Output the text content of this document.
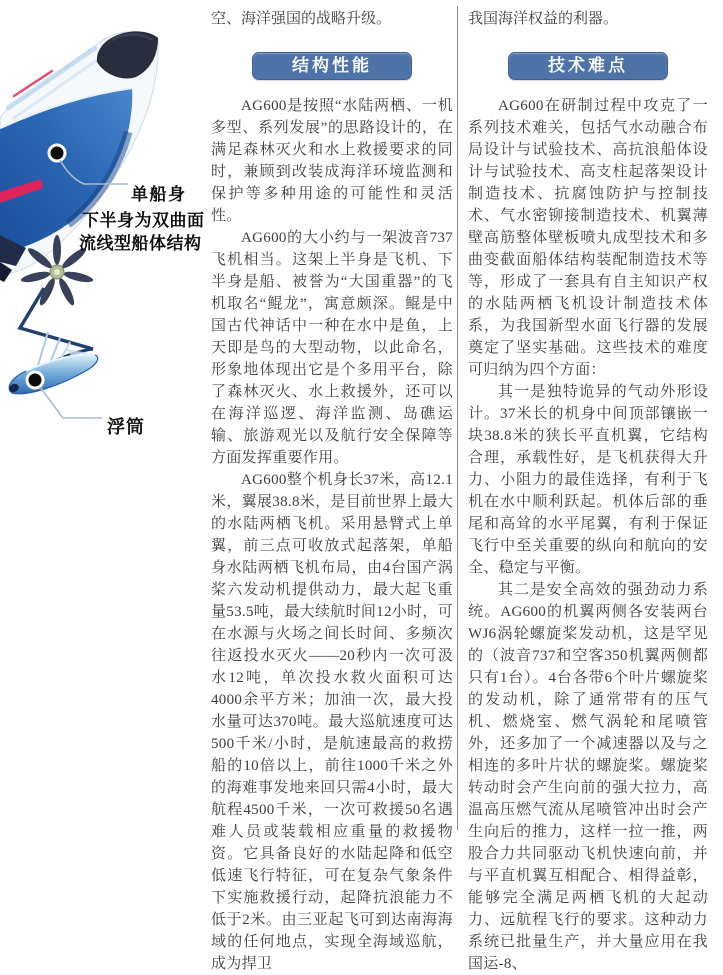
单船身
下半身为双曲面
流线型船体结构
浮筒

空、海洋强国的战略升级。

结构性能

AG600是按照“水陆两栖、一机多型、系列发展”的思路设计的，在满足森林灭火和水上救援要求的同时，兼顾到改装成海洋环境监测和保护等多种用途的可能性和灵活性。

AG600的大小约与一架波音737飞机相当。这架上半身是飞机、下半身是船、被誉为“大国重器”的飞机取名“鲲龙”，寓意颇深。鲲是中国古代神话中一种在水中是鱼，上天即是鸟的大型动物，以此命名，形象地体现出它是个多用平台，除了森林灭火、水上救援外，还可以在海洋巡逻、海洋监测、岛礁运输、旅游观光以及航行安全保障等方面发挥重要作用。

AG600整个机身长37米，高12.1米，翼展38.8米，是目前世界上最大的水陆两栖飞机。采用悬臂式上单翼，前三点可收放式起落架，单船身水陆两栖飞机布局，由4台国产涡桨六发动机提供动力，最大起飞重量53.5吨，最大续航时间12小时，可在水源与火场之间长时间、多频次往返投水灭火——20秒内一次可汲水12吨，单次投水救火面积可达4000余平方米；加油一次，最大投水量可达370吨。最大巡航速度可达500千米/小时，是航速最高的救捞船的10倍以上，前往1000千米之外的海难事发地来回只需4小时，最大航程4500千米，一次可救援50名遇难人员或装载相应重量的救援物资。它具备良好的水陆起降和低空低速飞行特征，可在复杂气象条件下实施救援行动，起降抗浪能力不低于2米。由三亚起飞可到达南海海域的任何地点，实现全海域巡航，成为捍卫

我国海洋权益的利器。

技术难点

AG600在研制过程中攻克了一系列技术难关，包括气水动融合布局设计与试验技术、高抗浪船体设计与试验技术、高支柱起落架设计制造技术、抗腐蚀防护与控制技术、气水密铆接制造技术、机翼薄壁高筋整体壁板喷丸成型技术和多曲变截面船体结构装配制造技术等等，形成了一套具有自主知识产权的水陆两栖飞机设计制造技术体系，为我国新型水面飞行器的发展奠定了坚实基础。这些技术的难度可归纳为四个方面：

其一是独特诡异的气动外形设计。37米长的机身中间顶部镶嵌一块38.8米的狭长平直机翼，它结构合理，承载性好，是飞机获得大升力、小阻力的最佳选择，有利于飞机在水中顺利跃起。机体后部的垂尾和高耸的水平尾翼，有利于保证飞行中至关重要的纵向和航向的安全、稳定与平衡。

其二是安全高效的强劲动力系统。AG600的机翼两侧各安装两台WJ6涡轮螺旋桨发动机，这是罕见的（波音737和空客350机翼两侧都只有1台）。4台各带6个叶片螺旋桨的发动机，除了通常带有的压气机、燃烧室、燃气涡轮和尾喷管外，还多加了一个减速器以及与之相连的多叶片状的螺旋桨。螺旋桨转动时会产生向前的强大拉力，高温高压燃气流从尾喷管冲出时会产生向后的推力，这样一拉一推，两股合力共同驱动飞机快速向前，并与平直机翼互相配合、相得益彰，能够完全满足两栖飞机的大起动力、远航程飞行的要求。这种动力系统已批量生产，并大量应用在我国运-8、
